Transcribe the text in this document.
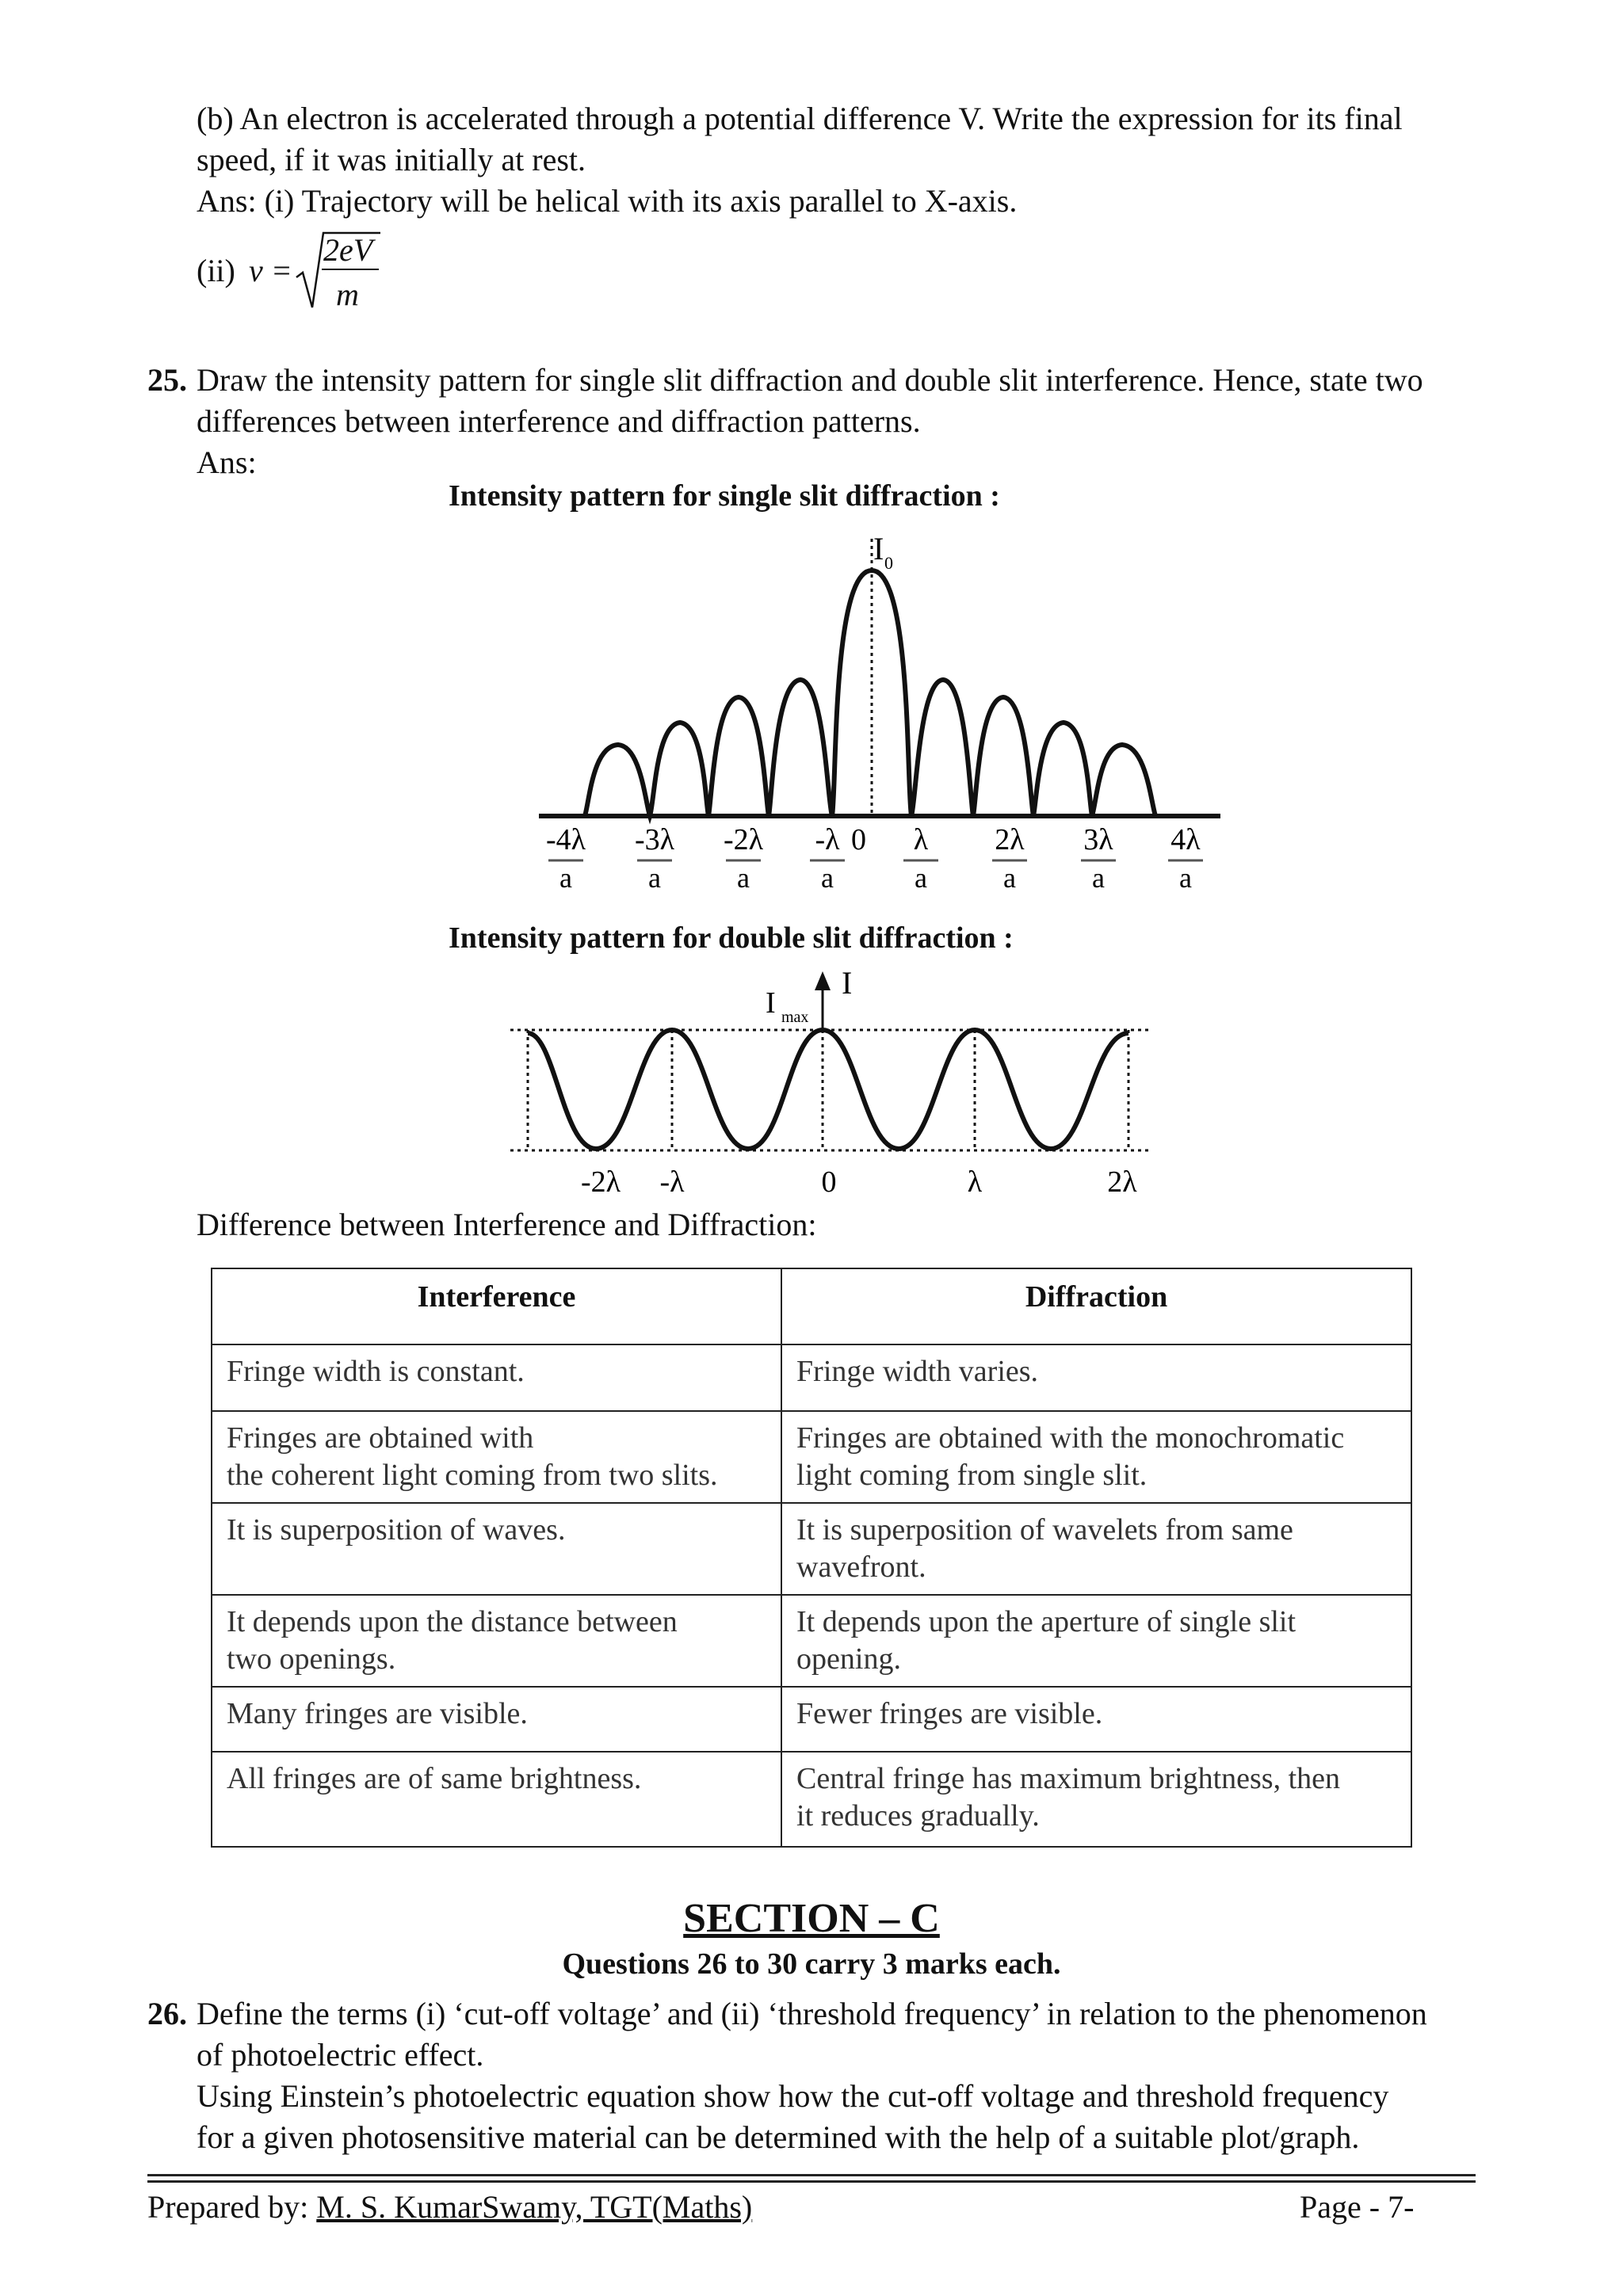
(b) An electron is accelerated through a potential difference V. Write the expression for its final
speed, if it was initially at rest.
Ans: (i) Trajectory will be helical with its axis parallel to X-axis.
(ii) v =
2eV
m
25. Draw the intensity pattern for single slit diffraction and double slit interference. Hence, state two
differences between interference and diffraction patterns.
Ans:
Intensity pattern for single slit diffraction :
I 0
-4λ
a
-3λ
a
-2λ
a
-λ
a
λ
a
2λ
a
3λ
a
4λ
a
0
Intensity pattern for double slit diffraction :
I max
I
-2λ -λ	0	λ	2λ
Difference between Interference and Diffraction:
Interference	Diffraction
Fringe width is constant.	Fringe width varies.
Fringes are obtained with
the coherent light coming from two slits.	Fringes are obtained with the monochromatic
light coming from single slit.
It is superposition of waves.	It is superposition of wavelets from same
wavefront.
It depends upon the distance between
two openings.	It depends upon the aperture of single slit
opening.
Many fringes are visible.	Fewer fringes are visible.
All fringes are of same brightness.	Central fringe has maximum brightness, then
it reduces gradually.
SECTION – C
Questions 26 to 30 carry 3 marks each.
26. Define the terms (i) ‘cut-off voltage’ and (ii) ‘threshold frequency’ in relation to the phenomenon
of photoelectric effect.
Using Einstein’s photoelectric equation show how the cut-off voltage and threshold frequency
for a given photosensitive material can be determined with the help of a suitable plot/graph.
Prepared by: M. S. KumarSwamy, TGT(Maths)	Page - 7-
